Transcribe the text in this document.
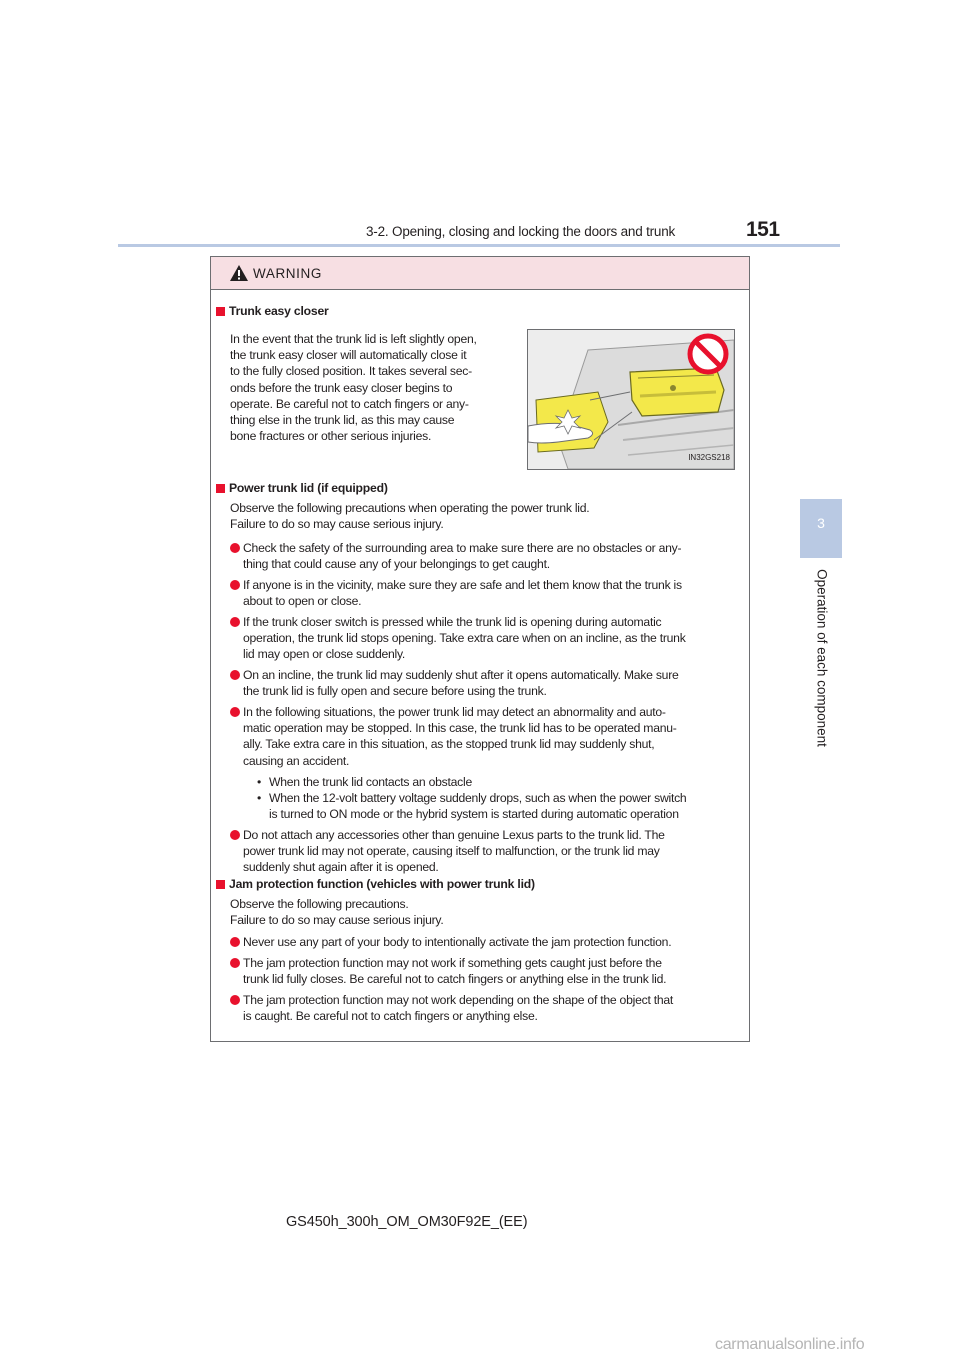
3-2. Opening, closing and locking the doors and trunk	151
3
Operation of each component
WARNING
Trunk easy closer
In the event that the trunk lid is left slightly open,
the trunk easy closer will automatically close it
to the fully closed position. It takes several sec-
onds before the trunk easy closer begins to
operate. Be careful not to catch fingers or any-
thing else in the trunk lid, as this may cause
bone fractures or other serious injuries.
IN32GS218
Power trunk lid (if equipped)
Observe the following precautions when operating the power trunk lid.
Failure to do so may cause serious injury.
Check the safety of the surrounding area to make sure there are no obstacles or any-
thing that could cause any of your belongings to get caught.
If anyone is in the vicinity, make sure they are safe and let them know that the trunk is
about to open or close.
If the trunk closer switch is pressed while the trunk lid is opening during automatic
operation, the trunk lid stops opening. Take extra care when on an incline, as the trunk
lid may open or close suddenly.
On an incline, the trunk lid may suddenly shut after it opens automatically. Make sure
the trunk lid is fully open and secure before using the trunk.
In the following situations, the power trunk lid may detect an abnormality and auto-
matic operation may be stopped. In this case, the trunk lid has to be operated manu-
ally. Take extra care in this situation, as the stopped trunk lid may suddenly shut,
causing an accident.
• When the trunk lid contacts an obstacle
• When the 12-volt battery voltage suddenly drops, such as when the power switch
is turned to ON mode or the hybrid system is started during automatic operation
Do not attach any accessories other than genuine Lexus parts to the trunk lid. The
power trunk lid may not operate, causing itself to malfunction, or the trunk lid may
suddenly shut again after it is opened.
Jam protection function (vehicles with power trunk lid)
Observe the following precautions.
Failure to do so may cause serious injury.
Never use any part of your body to intentionally activate the jam protection function.
The jam protection function may not work if something gets caught just before the
trunk lid fully closes. Be careful not to catch fingers or anything else in the trunk lid.
The jam protection function may not work depending on the shape of the object that
is caught. Be careful not to catch fingers or anything else.
GS450h_300h_OM_OM30F92E_(EE)
carmanualsonline.info
